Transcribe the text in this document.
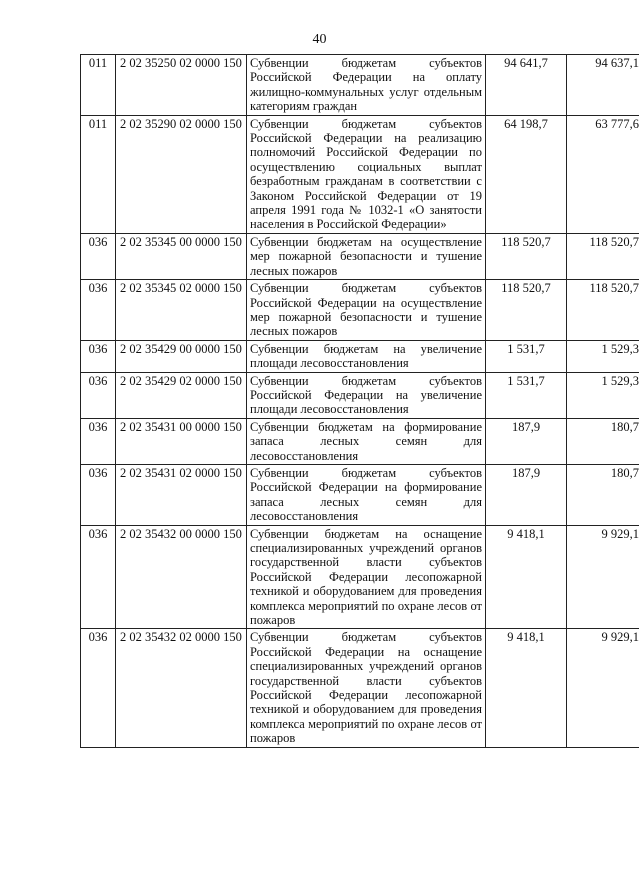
40
011	2 02 35250 02 0000 150	Субвенции бюджетам субъектов Российской Федерации на оплату жилищно-коммунальных услуг отдельным категориям граждан	94 641,7	94 637,1
011	2 02 35290 02 0000 150	Субвенции бюджетам субъектов Российской Федерации на реализацию полномочий Российской Федерации по осуществлению социальных выплат безработным гражданам в соответствии с Законом Российской Федерации от 19 апреля 1991 года № 1032-1 «О занятости населения в Российской Федерации»	64 198,7	63 777,6
036	2 02 35345 00 0000 150	Субвенции бюджетам на осуществление мер пожарной безопасности и тушение лесных пожаров	118 520,7	118 520,7
036	2 02 35345 02 0000 150	Субвенции бюджетам субъектов Российской Федерации на осуществление мер пожарной безопасности и тушение лесных пожаров	118 520,7	118 520,7
036	2 02 35429 00 0000 150	Субвенции бюджетам на увеличение площади лесовосстановления	1 531,7	1 529,3
036	2 02 35429 02 0000 150	Субвенции бюджетам субъектов Российской Федерации на увеличение площади лесовосстановления	1 531,7	1 529,3
036	2 02 35431 00 0000 150	Субвенции бюджетам на формирование запаса лесных семян для лесовосстановления	187,9	180,7
036	2 02 35431 02 0000 150	Субвенции бюджетам субъектов Российской Федерации на формирование запаса лесных семян для лесовосстановления	187,9	180,7
036	2 02 35432 00 0000 150	Субвенции бюджетам на оснащение специализированных учреждений органов государственной власти субъектов Российской Федерации лесопожарной техникой и оборудованием для проведения комплекса мероприятий по охране лесов от пожаров	9 418,1	9 929,1
036	2 02 35432 02 0000 150	Субвенции бюджетам субъектов Российской Федерации на оснащение специализированных учреждений органов государственной власти субъектов Российской Федерации лесопожарной техникой и оборудованием для проведения комплекса мероприятий по охране лесов от пожаров	9 418,1	9 929,1
